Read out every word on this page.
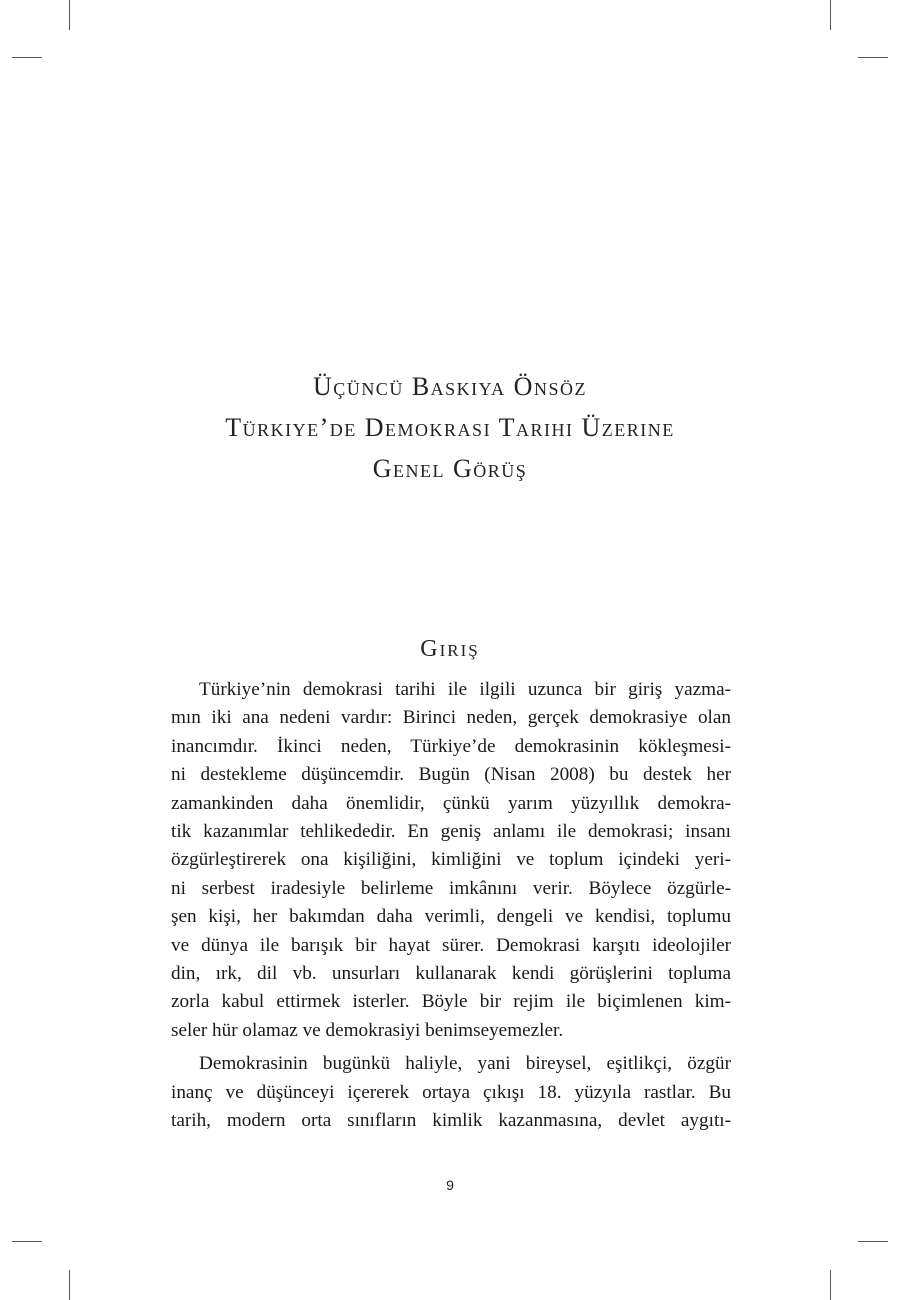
Üçüncü Baskıya Önsöz
Türkiye’de Demokrasi Tarihi Üzerine
Genel Görüş
Giriş
Türkiye’nin demokrasi tarihi ile ilgili uzunca bir giriş yazma-
mın iki ana nedeni vardır: Birinci neden, gerçek demokrasiye olan
inancımdır. İkinci neden, Türkiye’de demokrasinin kökleşmesi-
ni destekleme düşüncemdir. Bugün (Nisan 2008) bu destek her
zamankinden daha önemlidir, çünkü yarım yüzyıllık demokra-
tik kazanımlar tehlikededir. En geniş anlamı ile demokrasi; insanı
özgürleştirerek ona kişiliğini, kimliğini ve toplum içindeki yeri-
ni serbest iradesiyle belirleme imkânını verir. Böylece özgürle-
şen kişi, her bakımdan daha verimli, dengeli ve kendisi, toplumu
ve dünya ile barışık bir hayat sürer. Demokrasi karşıtı ideolojiler
din, ırk, dil vb. unsurları kullanarak kendi görüşlerini topluma
zorla kabul ettirmek isterler. Böyle bir rejim ile biçimlenen kim-
seler hür olamaz ve demokrasiyi benimseyemezler.
Demokrasinin bugünkü haliyle, yani bireysel, eşitlikçi, özgür
inanç ve düşünceyi içererek ortaya çıkışı 18. yüzyıla rastlar. Bu
tarih, modern orta sınıfların kimlik kazanmasına, devlet aygıtı-
9
